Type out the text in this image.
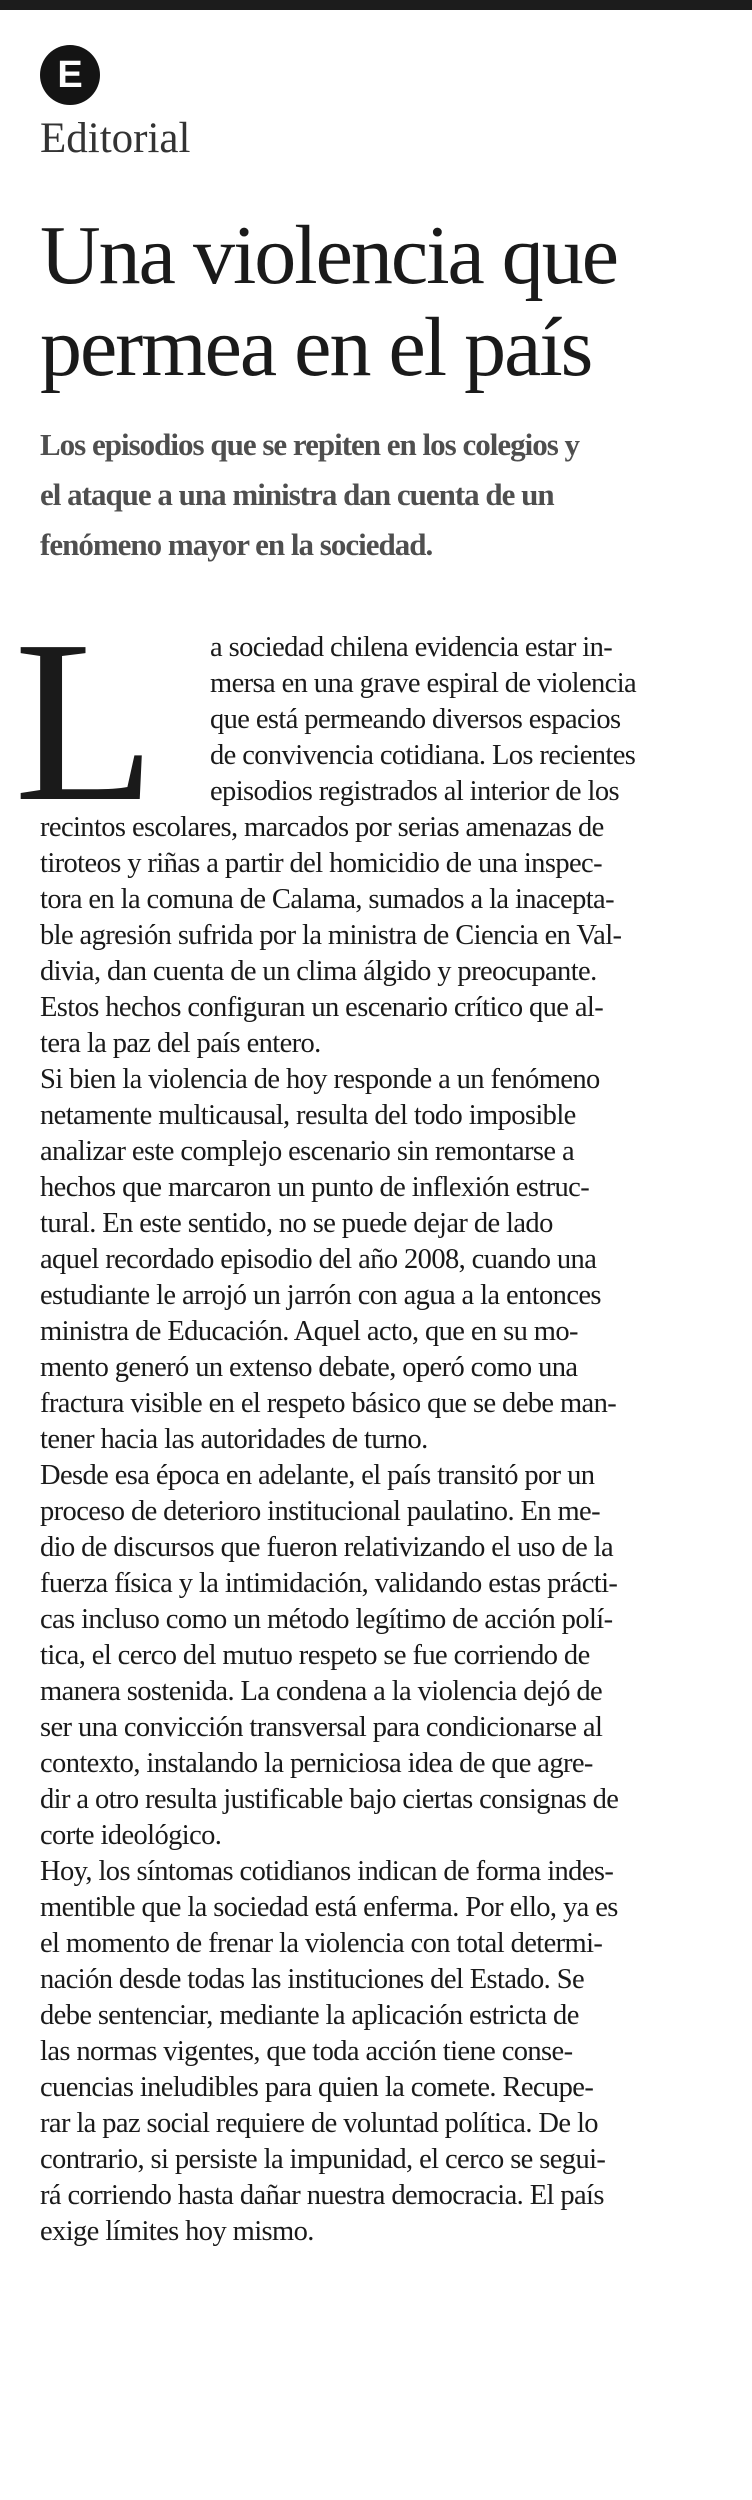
E
Editorial
Una violencia que
permea en el país
Los episodios que se repiten en los colegios y
el ataque a una ministra dan cuenta de un
fenómeno mayor en la sociedad.
L	a sociedad chilena evidencia estar in-
mersa en una grave espiral de violencia
que está permeando diversos espacios
de convivencia cotidiana. Los recientes
episodios registrados al interior de los
recintos escolares, marcados por serias amenazas de
tiroteos y riñas a partir del homicidio de una inspec-
tora en la comuna de Calama, sumados a la inacepta-
ble agresión sufrida por la ministra de Ciencia en Val-
divia, dan cuenta de un clima álgido y preocupante.
Estos hechos configuran un escenario crítico que al-
tera la paz del país entero.
Si bien la violencia de hoy responde a un fenómeno
netamente multicausal, resulta del todo imposible
analizar este complejo escenario sin remontarse a
hechos que marcaron un punto de inflexión estruc-
tural. En este sentido, no se puede dejar de lado
aquel recordado episodio del año 2008, cuando una
estudiante le arrojó un jarrón con agua a la entonces
ministra de Educación. Aquel acto, que en su mo-
mento generó un extenso debate, operó como una
fractura visible en el respeto básico que se debe man-
tener hacia las autoridades de turno.
Desde esa época en adelante, el país transitó por un
proceso de deterioro institucional paulatino. En me-
dio de discursos que fueron relativizando el uso de la
fuerza física y la intimidación, validando estas prácti-
cas incluso como un método legítimo de acción polí-
tica, el cerco del mutuo respeto se fue corriendo de
manera sostenida. La condena a la violencia dejó de
ser una convicción transversal para condicionarse al
contexto, instalando la perniciosa idea de que agre-
dir a otro resulta justificable bajo ciertas consignas de
corte ideológico.
Hoy, los síntomas cotidianos indican de forma indes-
mentible que la sociedad está enferma. Por ello, ya es
el momento de frenar la violencia con total determi-
nación desde todas las instituciones del Estado. Se
debe sentenciar, mediante la aplicación estricta de
las normas vigentes, que toda acción tiene conse-
cuencias ineludibles para quien la comete. Recupe-
rar la paz social requiere de voluntad política. De lo
contrario, si persiste la impunidad, el cerco se segui-
rá corriendo hasta dañar nuestra democracia. El país
exige límites hoy mismo.
